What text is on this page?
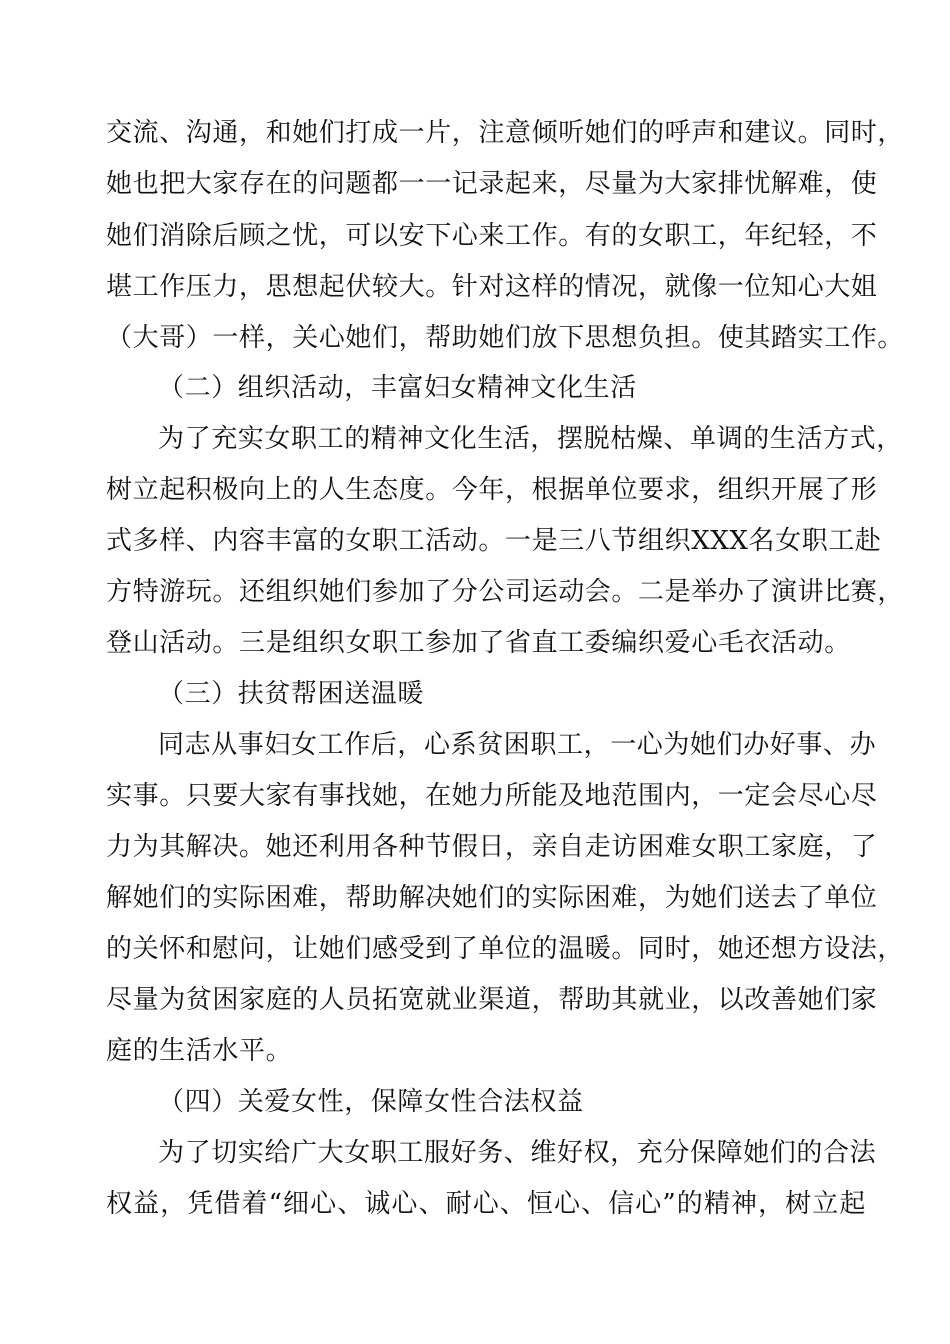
交流、沟通，和她们打成一片，注意倾听她们的呼声和建议。同时，
她也把大家存在的问题都一一记录起来，尽量为大家排忧解难，使
她们消除后顾之忧，可以安下心来工作。有的女职工，年纪轻，不
堪工作压力，思想起伏较大。针对这样的情况，就像一位知心大姐
（大哥）一样，关心她们，帮助她们放下思想负担。使其踏实工作。
（二）组织活动，丰富妇女精神文化生活
为了充实女职工的精神文化生活，摆脱枯燥、单调的生活方式，
树立起积极向上的人生态度。今年，根据单位要求，组织开展了形
式多样、内容丰富的女职工活动。一是三八节组织XXX名女职工赴
方特游玩。还组织她们参加了分公司运动会。二是举办了演讲比赛，
登山活动。三是组织女职工参加了省直工委编织爱心毛衣活动。
（三）扶贫帮困送温暖
同志从事妇女工作后，心系贫困职工，一心为她们办好事、办
实事。只要大家有事找她，在她力所能及地范围内，一定会尽心尽
力为其解决。她还利用各种节假日，亲自走访困难女职工家庭，了
解她们的实际困难，帮助解决她们的实际困难，为她们送去了单位
的关怀和慰问，让她们感受到了单位的温暖。同时，她还想方设法，
尽量为贫困家庭的人员拓宽就业渠道，帮助其就业，以改善她们家
庭的生活水平。
（四）关爱女性，保障女性合法权益
为了切实给广大女职工服好务、维好权，充分保障她们的合法
权益，凭借着“细心、诚心、耐心、恒心、信心”的精神，树立起
